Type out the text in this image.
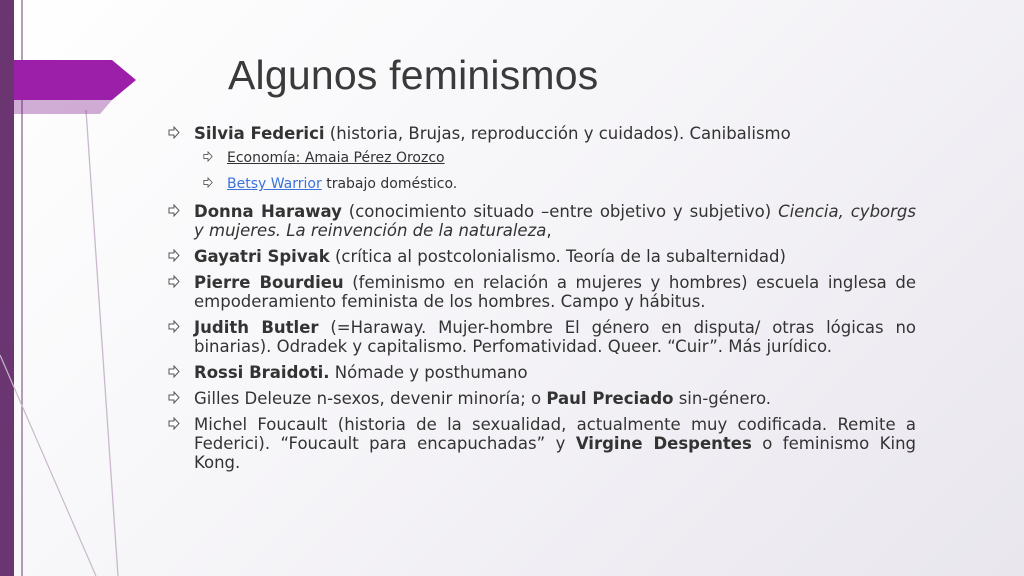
Algunos feminismos
Silvia Federici (historia, Brujas, reproducción y cuidados). Canibalismo
Economía: Amaia Pérez Orozco
Betsy Warrior trabajo doméstico.
Donna Haraway (conocimiento situado –entre objetivo y subjetivo) Ciencia, cyborgs y mujeres. La reinvención de la naturaleza,
Gayatri Spivak (crítica al postcolonialismo. Teoría de la subalternidad)
Pierre Bourdieu (feminismo en relación a mujeres y hombres) escuela inglesa de empoderamiento feminista de los hombres. Campo y hábitus.
Judith Butler (=Haraway. Mujer-hombre El género en disputa/ otras lógicas no binarias). Odradek y capitalismo. Perfomatividad. Queer. “Cuir”. Más jurídico.
Rossi Braidoti. Nómade y posthumano
Gilles Deleuze n-sexos, devenir minoría; o Paul Preciado sin-género.
Michel Foucault (historia de la sexualidad, actualmente muy codificada. Remite a Federici). “Foucault para encapuchadas” y Virgine Despentes o feminismo King Kong.
